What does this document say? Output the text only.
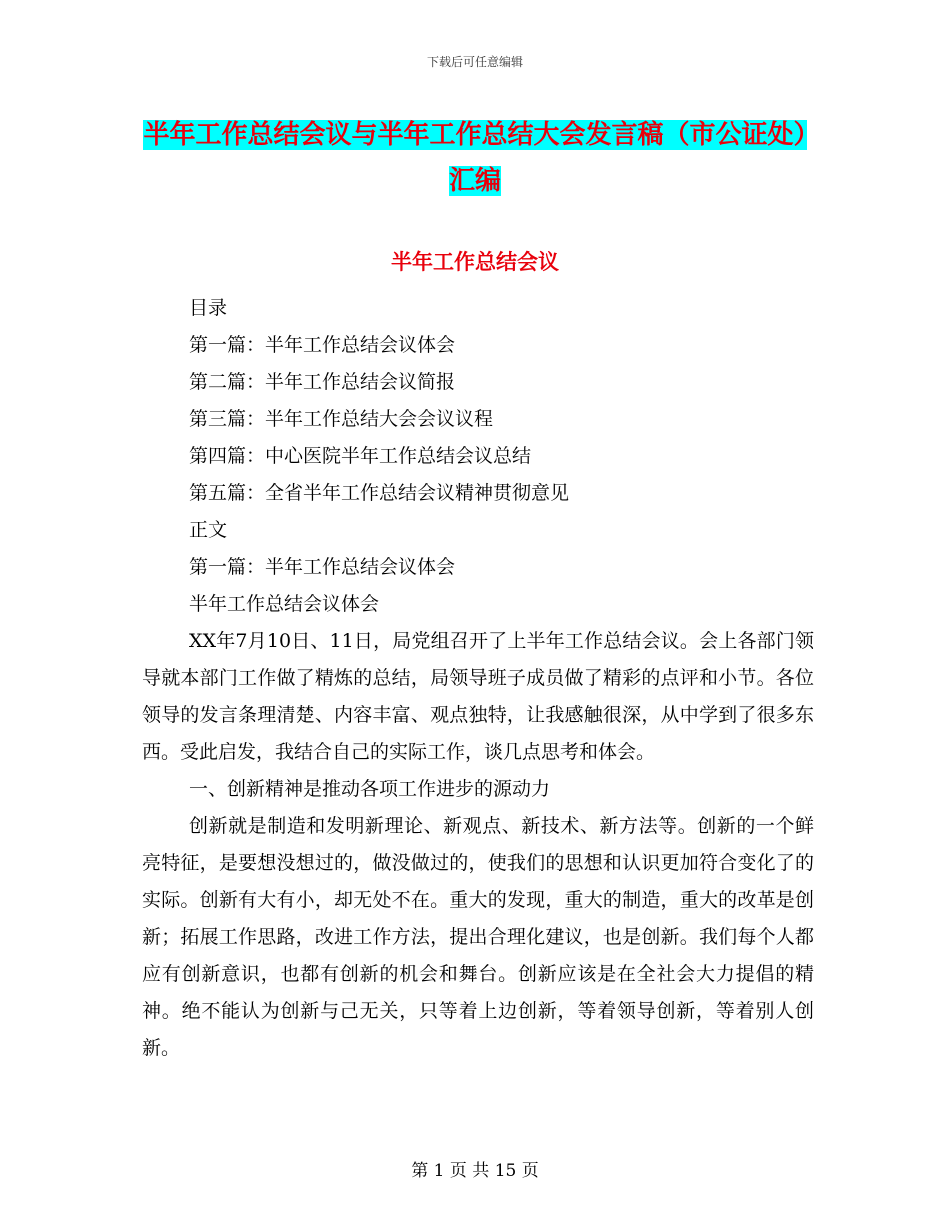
下载后可任意编辑
半年工作总结会议与半年工作总结大会发言稿（市公证处）汇编
半年工作总结会议

目录

第一篇：半年工作总结会议体会

第二篇：半年工作总结会议简报

第三篇：半年工作总结大会会议议程

第四篇：中心医院半年工作总结会议总结

第五篇：全省半年工作总结会议精神贯彻意见

正文

第一篇：半年工作总结会议体会

半年工作总结会议体会

XX年7月10日、11日，局党组召开了上半年工作总结会议。会上各部门领导就本部门工作做了精炼的总结，局领导班子成员做了精彩的点评和小节。各位领导的发言条理清楚、内容丰富、观点独特，让我感触很深，从中学到了很多东西。受此启发，我结合自己的实际工作，谈几点思考和体会。

一、创新精神是推动各项工作进步的源动力

创新就是制造和发明新理论、新观点、新技术、新方法等。创新的一个鲜亮特征，是要想没想过的，做没做过的，使我们的思想和认识更加符合变化了的实际。创新有大有小，却无处不在。重大的发现，重大的制造，重大的改革是创新；拓展工作思路，改进工作方法，提出合理化建议，也是创新。我们每个人都应有创新意识，也都有创新的机会和舞台。创新应该是在全社会大力提倡的精神。绝不能认为创新与己无关，只等着上边创新，等着领导创新，等着别人创新。

第 1 页 共 15 页
